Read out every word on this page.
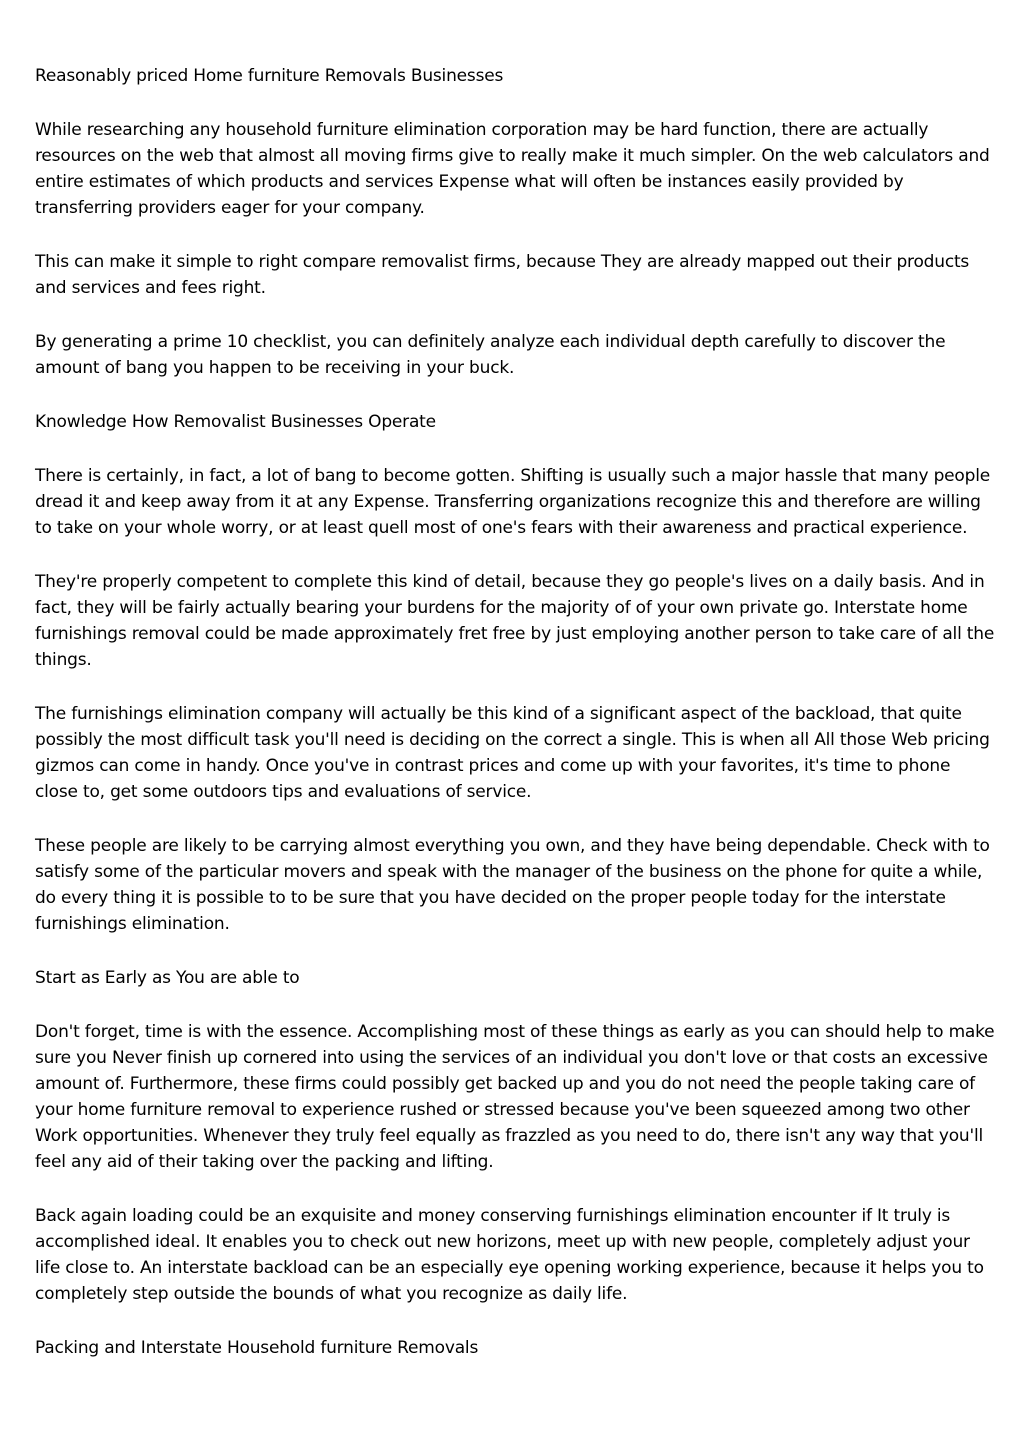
Reasonably priced Home furniture Removals Businesses

While researching any household furniture elimination corporation may be hard function, there are actually resources on the web that almost all moving firms give to really make it much simpler. On the web calculators and entire estimates of which products and services Expense what will often be instances easily provided by transferring providers eager for your company.

This can make it simple to right compare removalist firms, because They are already mapped out their products and services and fees right.

By generating a prime 10 checklist, you can definitely analyze each individual depth carefully to discover the amount of bang you happen to be receiving in your buck.

Knowledge How Removalist Businesses Operate

There is certainly, in fact, a lot of bang to become gotten. Shifting is usually such a major hassle that many people dread it and keep away from it at any Expense. Transferring organizations recognize this and therefore are willing to take on your whole worry, or at least quell most of one's fears with their awareness and practical experience.

They're properly competent to complete this kind of detail, because they go people's lives on a daily basis. And in fact, they will be fairly actually bearing your burdens for the majority of of your own private go. Interstate home furnishings removal could be made approximately fret free by just employing another person to take care of all the things.

The furnishings elimination company will actually be this kind of a significant aspect of the backload, that quite possibly the most difficult task you'll need is deciding on the correct a single. This is when all All those Web pricing gizmos can come in handy. Once you've in contrast prices and come up with your favorites, it's time to phone close to, get some outdoors tips and evaluations of service.

These people are likely to be carrying almost everything you own, and they have being dependable. Check with to satisfy some of the particular movers and speak with the manager of the business on the phone for quite a while, do every thing it is possible to to be sure that you have decided on the proper people today for the interstate furnishings elimination.

Start as Early as You are able to

Don't forget, time is with the essence. Accomplishing most of these things as early as you can should help to make sure you Never finish up cornered into using the services of an individual you don't love or that costs an excessive amount of. Furthermore, these firms could possibly get backed up and you do not need the people taking care of your home furniture removal to experience rushed or stressed because you've been squeezed among two other Work opportunities. Whenever they truly feel equally as frazzled as you need to do, there isn't any way that you'll feel any aid of their taking over the packing and lifting.

Back again loading could be an exquisite and money conserving furnishings elimination encounter if It truly is accomplished ideal. It enables you to check out new horizons, meet up with new people, completely adjust your life close to. An interstate backload can be an especially eye opening working experience, because it helps you to completely step outside the bounds of what you recognize as daily life.

Packing and Interstate Household furniture Removals
